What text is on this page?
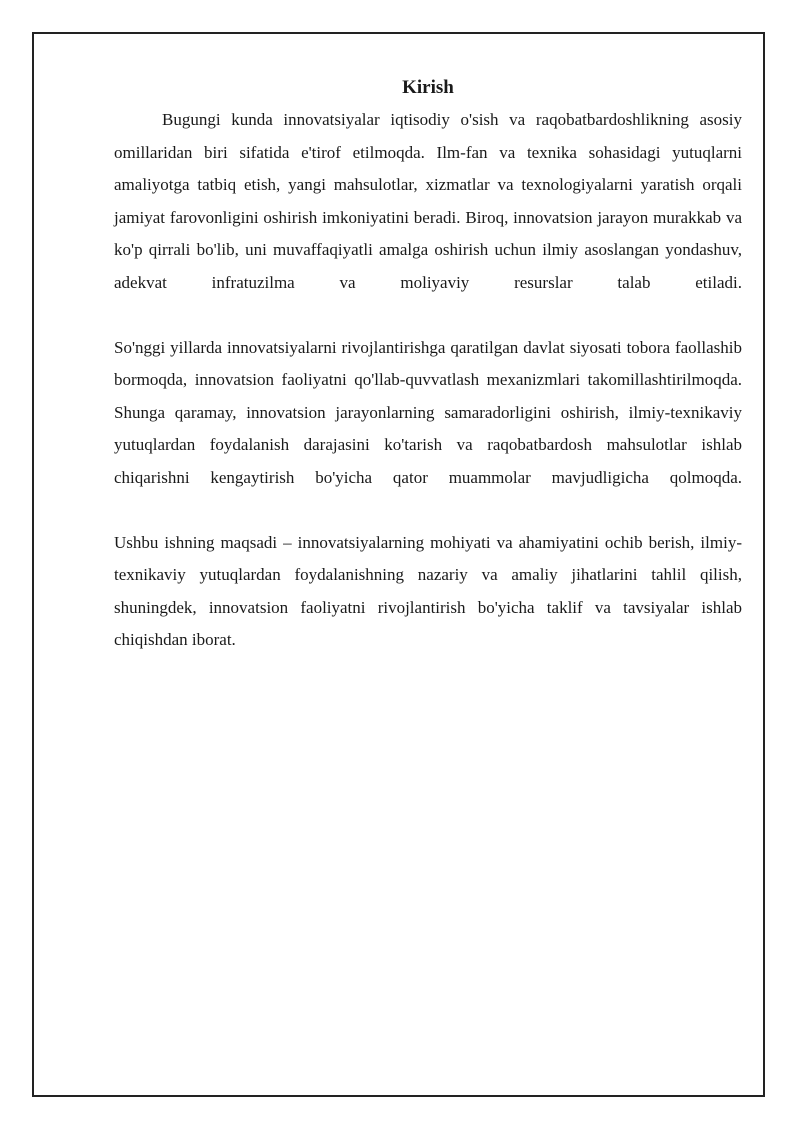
Kirish

Bugungi kunda innovatsiyalar iqtisodiy o'sish va raqobatbardoshlikning asosiy omillaridan biri sifatida e'tirof etilmoqda. Ilm-fan va texnika sohasidagi yutuqlarni amaliyotga tatbiq etish, yangi mahsulotlar, xizmatlar va texnologiyalarni yaratish orqali jamiyat farovonligini oshirish imkoniyatini beradi. Biroq, innovatsion jarayon murakkab va ko'p qirrali bo'lib, uni muvaffaqiyatli amalga oshirish uchun ilmiy asoslangan yondashuv, adekvat infratuzilma va moliyaviy resurslar talab etiladi.

So'nggi yillarda innovatsiyalarni rivojlantirishga qaratilgan davlat siyosati tobora faollashib bormoqda, innovatsion faoliyatni qo'llab-quvvatlash mexanizmlari takomillashtirilmoqda. Shunga qaramay, innovatsion jarayonlarning samaradorligini oshirish, ilmiy-texnikaviy yutuqlardan foydalanish darajasini ko'tarish va raqobatbardosh mahsulotlar ishlab chiqarishni kengaytirish bo'yicha qator muammolar mavjudligicha qolmoqda.

Ushbu ishning maqsadi – innovatsiyalarning mohiyati va ahamiyatini ochib berish, ilmiy-texnikaviy yutuqlardan foydalanishning nazariy va amaliy jihatlarini tahlil qilish, shuningdek, innovatsion faoliyatni rivojlantirish bo'yicha taklif va tavsiyalar ishlab chiqishdan iborat.
